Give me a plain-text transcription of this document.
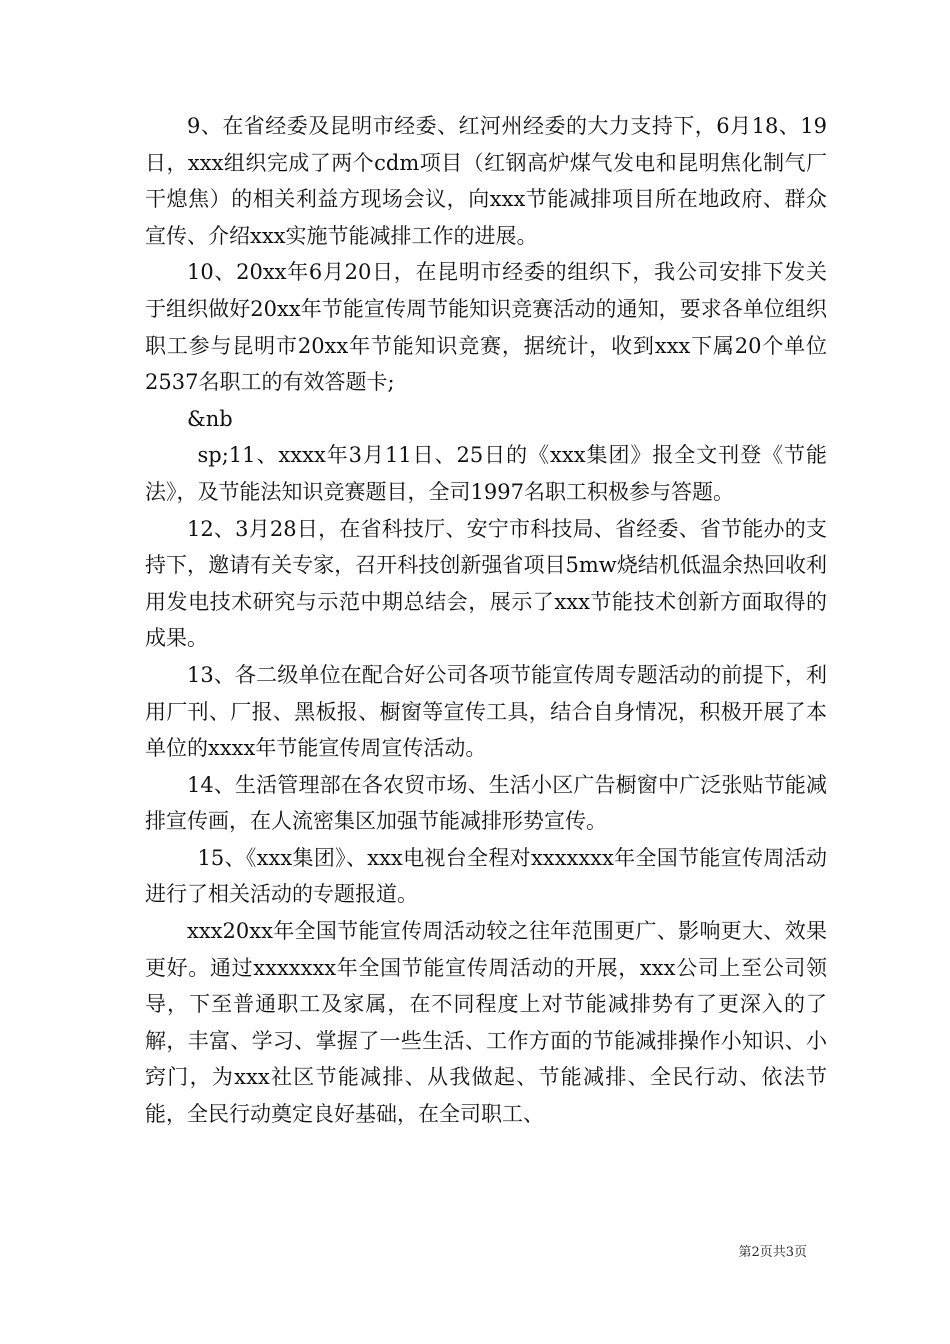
9、在省经委及昆明市经委、红河州经委的大力支持下，6月18、19日，xxx组织完成了两个cdm项目（红钢高炉煤气发电和昆明焦化制气厂干熄焦）的相关利益方现场会议，向xxx节能减排项目所在地政府、群众宣传、介绍xxx实施节能减排工作的进展。

10、20xx年6月20日，在昆明市经委的组织下，我公司安排下发关于组织做好20xx年节能宣传周节能知识竞赛活动的通知，要求各单位组织职工参与昆明市20xx年节能知识竞赛，据统计，收到xxx下属20个单位2537名职工的有效答题卡;

&nb

sp;11、xxxx年3月11日、25日的《xxx集团》报全文刊登《节能法》，及节能法知识竞赛题目，全司1997名职工积极参与答题。

12、3月28日，在省科技厅、安宁市科技局、省经委、省节能办的支持下，邀请有关专家，召开科技创新强省项目5mw烧结机低温余热回收利用发电技术研究与示范中期总结会，展示了xxx节能技术创新方面取得的成果。

13、各二级单位在配合好公司各项节能宣传周专题活动的前提下，利用厂刊、厂报、黑板报、橱窗等宣传工具，结合自身情况，积极开展了本单位的xxxx年节能宣传周宣传活动。

14、生活管理部在各农贸市场、生活小区广告橱窗中广泛张贴节能减排宣传画，在人流密集区加强节能减排形势宣传。

15、《xxx集团》、xxx电视台全程对xxxxxxx年全国节能宣传周活动进行了相关活动的专题报道。

xxx20xx年全国节能宣传周活动较之往年范围更广、影响更大、效果更好。通过xxxxxxx年全国节能宣传周活动的开展，xxx公司上至公司领导，下至普通职工及家属，在不同程度上对节能减排势有了更深入的了解，丰富、学习、掌握了一些生活、工作方面的节能减排操作小知识、小窍门，为xxx社区节能减排、从我做起、节能减排、全民行动、依法节能，全民行动奠定良好基础，在全司职工、

第2页共3页
